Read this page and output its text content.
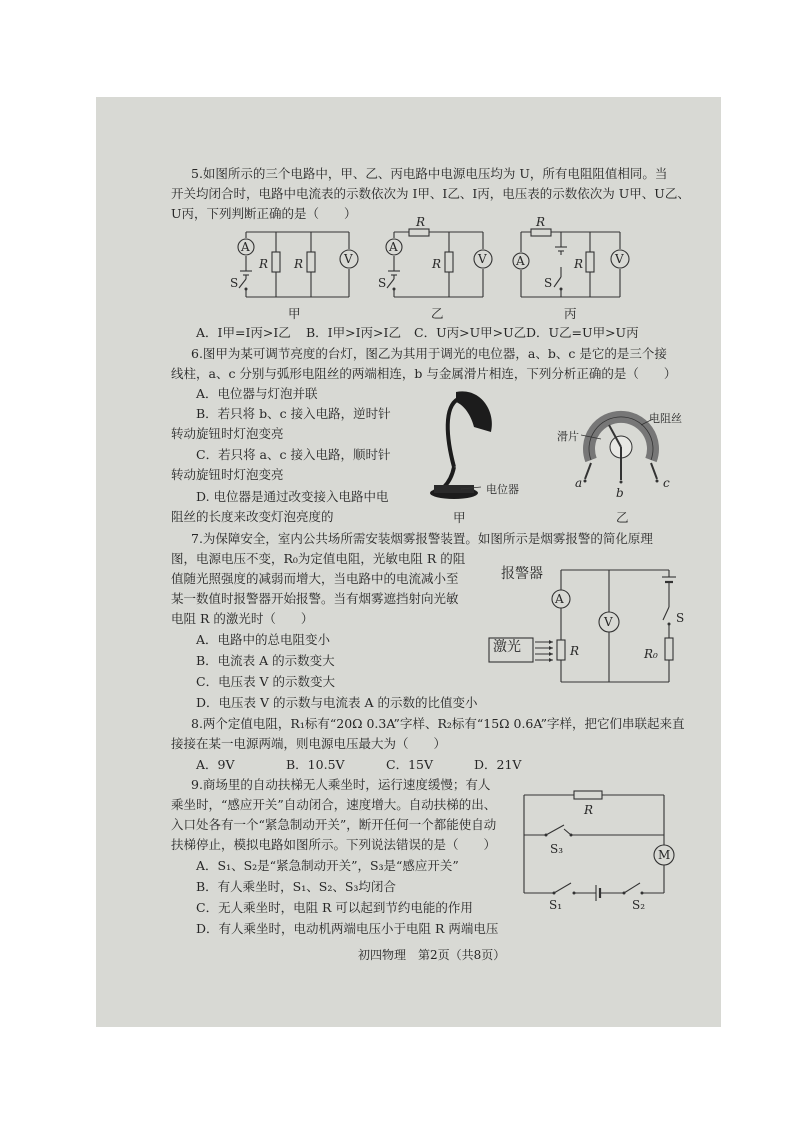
5.如图所示的三个电路中，甲、乙、丙电路中电源电压均为 U，所有电阻阻值相同。当
开关均闭合时，电路中电流表的示数依次为 I甲、I乙、I丙，电压表的示数依次为 U甲、U乙、
U丙，下列判断正确的是（　　）
A
S
R R	V
R
A
S
R	V
R
A
S
R	V
甲	乙	丙
A．I甲=I丙>I乙 B．I甲>I丙>I乙 C．U丙>U甲>U乙 D．U乙=U甲>U丙
6.图甲为某可调节亮度的台灯，图乙为其用于调光的电位器，a、b、c 是它的是三个接
线柱，a、c 分别与弧形电阻丝的两端相连，b 与金属滑片相连，下列分析正确的是（　　）
A．电位器与灯泡并联
B．若只将 b、c 接入电路，逆时针
转动旋钮时灯泡变亮
C．若只将 a、c 接入电路，顺时针
转动旋钮时灯泡变亮
D. 电位器是通过改变接入电路中电
阻丝的长度来改变灯泡亮度的
电位器
甲
a
b
c
滑片
电阻丝
乙
7.为保障安全，室内公共场所需安装烟雾报警装置。如图所示是烟雾报警的简化原理
图，电源电压不变，R₀为定值电阻，光敏电阻 R 的阻
值随光照强度的减弱而增大，当电路中的电流减小至
某一数值时报警器开始报警。当有烟雾遮挡射向光敏
电阻 R 的激光时（　　）
A．电路中的总电阻变小
B．电流表 A 的示数变大
C．电压表 V 的示数变大
D．电压表 V 的示数与电流表 A 的示数的比值变小
A
R
V	S
R₀
报警器
激光
8.两个定值电阻，R₁标有“20Ω 0.3A”字样、R₂标有“15Ω 0.6A”字样，把它们串联起来直
接接在某一电源两端，则电源电压最大为（　　）
A．9V	B．10.5V	C．15V	D．21V
9.商场里的自动扶梯无人乘坐时，运行速度缓慢；有人
乘坐时，“感应开关”自动闭合，速度增大。自动扶梯的出、
入口处各有一个“紧急制动开关”，断开任何一个都能使自动
扶梯停止，模拟电路如图所示。下列说法错误的是（　　）
A．S₁、S₂是“紧急制动开关”，S₃是“感应开关”
B．有人乘坐时，S₁、S₂、S₃均闭合
C．无人乘坐时，电阻 R 可以起到节约电能的作用
D．有人乘坐时，电动机两端电压小于电阻 R 两端电压
R
S₃	M
S₁	S₂
初四物理　第2页（共8页）
